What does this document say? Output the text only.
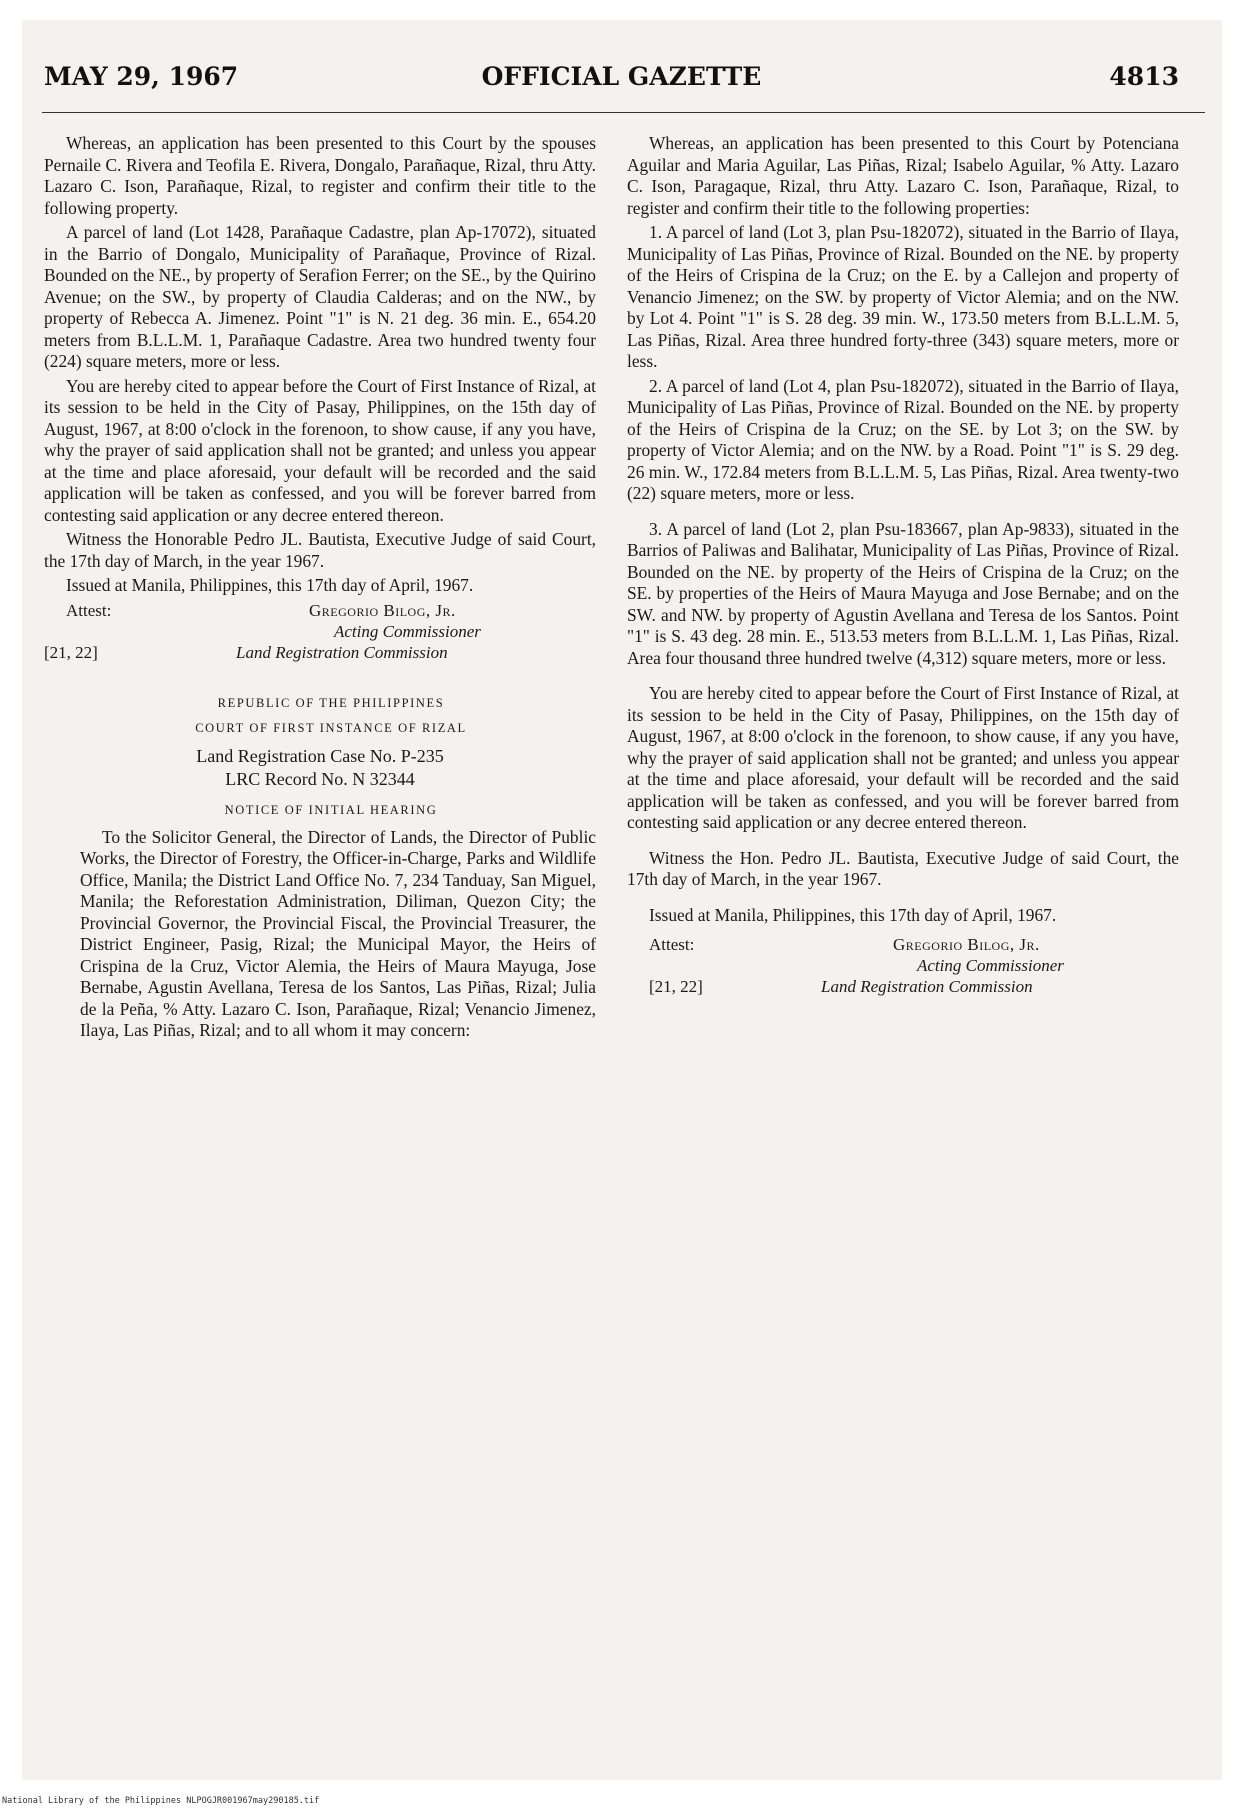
MAY 29, 1967	OFFICIAL GAZETTE	4813

Whereas, an application has been presented to this Court by the spouses Pernaile C. Rivera and Teofila E. Rivera, Dongalo, Parañaque, Rizal, thru Atty. Lazaro C. Ison, Parañaque, Rizal, to register and confirm their title to the following property.

A parcel of land (Lot 1428, Parañaque Cadastre, plan Ap-17072), situated in the Barrio of Dongalo, Municipality of Parañaque, Province of Rizal. Bounded on the NE., by property of Serafion Ferrer; on the SE., by the Quirino Avenue; on the SW., by property of Claudia Calderas; and on the NW., by property of Rebecca A. Jimenez. Point "1" is N. 21 deg. 36 min. E., 654.20 meters from B.L.L.M. 1, Parañaque Cadastre. Area two hundred twenty four (224) square meters, more or less.

You are hereby cited to appear before the Court of First Instance of Rizal, at its session to be held in the City of Pasay, Philippines, on the 15th day of August, 1967, at 8:00 o'clock in the forenoon, to show cause, if any you have, why the prayer of said application shall not be granted; and unless you appear at the time and place aforesaid, your default will be recorded and the said application will be taken as confessed, and you will be forever barred from contesting said application or any decree entered thereon.

Witness the Honorable Pedro JL. Bautista, Executive Judge of said Court, the 17th day of March, in the year 1967.

Issued at Manila, Philippines, this 17th day of April, 1967.

Attest:	Gregorio Bilog, Jr.
Acting Commissioner
[21, 22]	Land Registration Commission

REPUBLIC OF THE PHILIPPINES

COURT OF FIRST INSTANCE OF RIZAL

Land Registration Case No. P-235
LRC Record No. N 32344

NOTICE OF INITIAL HEARING

To the Solicitor General, the Director of Lands, the Director of Public Works, the Director of Forestry, the Officer-in-Charge, Parks and Wildlife Office, Manila; the District Land Office No. 7, 234 Tanduay, San Miguel, Manila; the Reforestation Administration, Diliman, Quezon City; the Provincial Governor, the Provincial Fiscal, the Provincial Treasurer, the District Engineer, Pasig, Rizal; the Municipal Mayor, the Heirs of Crispina de la Cruz, Victor Alemia, the Heirs of Maura Mayuga, Jose Bernabe, Agustin Avellana, Teresa de los Santos, Las Piñas, Rizal; Julia de la Peña, % Atty. Lazaro C. Ison, Parañaque, Rizal; Venancio Jimenez, Ilaya, Las Piñas, Rizal; and to all whom it may concern:

Whereas, an application has been presented to this Court by Potenciana Aguilar and Maria Aguilar, Las Piñas, Rizal; Isabelo Aguilar, % Atty. Lazaro C. Ison, Paragaque, Rizal, thru Atty. Lazaro C. Ison, Parañaque, Rizal, to register and confirm their title to the following properties:

1. A parcel of land (Lot 3, plan Psu-182072), situated in the Barrio of Ilaya, Municipality of Las Piñas, Province of Rizal. Bounded on the NE. by property of the Heirs of Crispina de la Cruz; on the E. by a Callejon and property of Venancio Jimenez; on the SW. by property of Victor Alemia; and on the NW. by Lot 4. Point "1" is S. 28 deg. 39 min. W., 173.50 meters from B.L.L.M. 5, Las Piñas, Rizal. Area three hundred forty-three (343) square meters, more or less.

2. A parcel of land (Lot 4, plan Psu-182072), situated in the Barrio of Ilaya, Municipality of Las Piñas, Province of Rizal. Bounded on the NE. by property of the Heirs of Crispina de la Cruz; on the SE. by Lot 3; on the SW. by property of Victor Alemia; and on the NW. by a Road. Point "1" is S. 29 deg. 26 min. W., 172.84 meters from B.L.L.M. 5, Las Piñas, Rizal. Area twenty-two (22) square meters, more or less.

3. A parcel of land (Lot 2, plan Psu-183667, plan Ap-9833), situated in the Barrios of Paliwas and Balihatar, Municipality of Las Piñas, Province of Rizal. Bounded on the NE. by property of the Heirs of Crispina de la Cruz; on the SE. by properties of the Heirs of Maura Mayuga and Jose Bernabe; and on the SW. and NW. by property of Agustin Avellana and Teresa de los Santos. Point "1" is S. 43 deg. 28 min. E., 513.53 meters from B.L.L.M. 1, Las Piñas, Rizal. Area four thousand three hundred twelve (4,312) square meters, more or less.

You are hereby cited to appear before the Court of First Instance of Rizal, at its session to be held in the City of Pasay, Philippines, on the 15th day of August, 1967, at 8:00 o'clock in the forenoon, to show cause, if any you have, why the prayer of said application shall not be granted; and unless you appear at the time and place aforesaid, your default will be recorded and the said application will be taken as confessed, and you will be forever barred from contesting said application or any decree entered thereon.

Witness the Hon. Pedro JL. Bautista, Executive Judge of said Court, the 17th day of March, in the year 1967.

Issued at Manila, Philippines, this 17th day of April, 1967.

Attest:	Gregorio Bilog, Jr.
Acting Commissioner
[21, 22]	Land Registration Commission
National Library of the Philippines NLPOGJR001967may290185.tif
